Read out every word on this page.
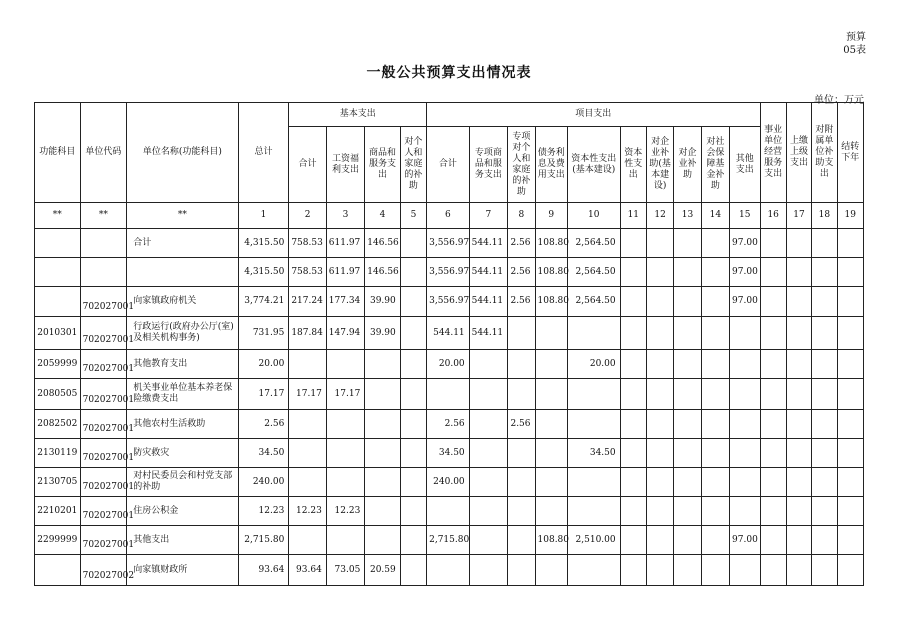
预算
05表
一般公共预算支出情况表
单位：万元
功能科目	单位代码	单位名称(功能科目)	总计	基本支出				项目支出										事业单位经营服务支出	上缴上级支出	对附属单位补助支出	结转下年
				合计	工资福利支出	商品和服务支出	对个人和家庭的补助	合计	专项商品和服务支出	专项对个人和家庭的补助	债务利息及费用支出	资本性支出(基本建设)	资本性支出	对企业补助(基本建设)	对企业补助	对社会保障基金补助	其他支出				
**	**	**	1	2	3	4	5	6	7	8	9	10	11	12	13	14	15	16	17	18	19
		合计	4,315.50	758.53	611.97	146.56		3,556.97	544.11	2.56	108.80	2,564.50					97.00				
			4,315.50	758.53	611.97	146.56		3,556.97	544.11	2.56	108.80	2,564.50					97.00				
	702027001	向家镇政府机关	3,774.21	217.24	177.34	39.90		3,556.97	544.11	2.56	108.80	2,564.50					97.00				
2010301	702027001	行政运行(政府办公厅(室)及相关机构事务)	731.95	187.84	147.94	39.90		544.11	544.11												
2059999	702027001	其他教育支出	20.00					20.00				20.00									
2080505	702027001	机关事业单位基本养老保险缴费支出	17.17	17.17	17.17																
2082502	702027001	其他农村生活救助	2.56					2.56		2.56											
2130119	702027001	防灾救灾	34.50					34.50				34.50									
2130705	702027001	对村民委员会和村党支部的补助	240.00					240.00													
2210201	702027001	住房公积金	12.23	12.23	12.23																
2299999	702027001	其他支出	2,715.80					2,715.80			108.80	2,510.00					97.00				
	702027002	向家镇财政所	93.64	93.64	73.05	20.59															
